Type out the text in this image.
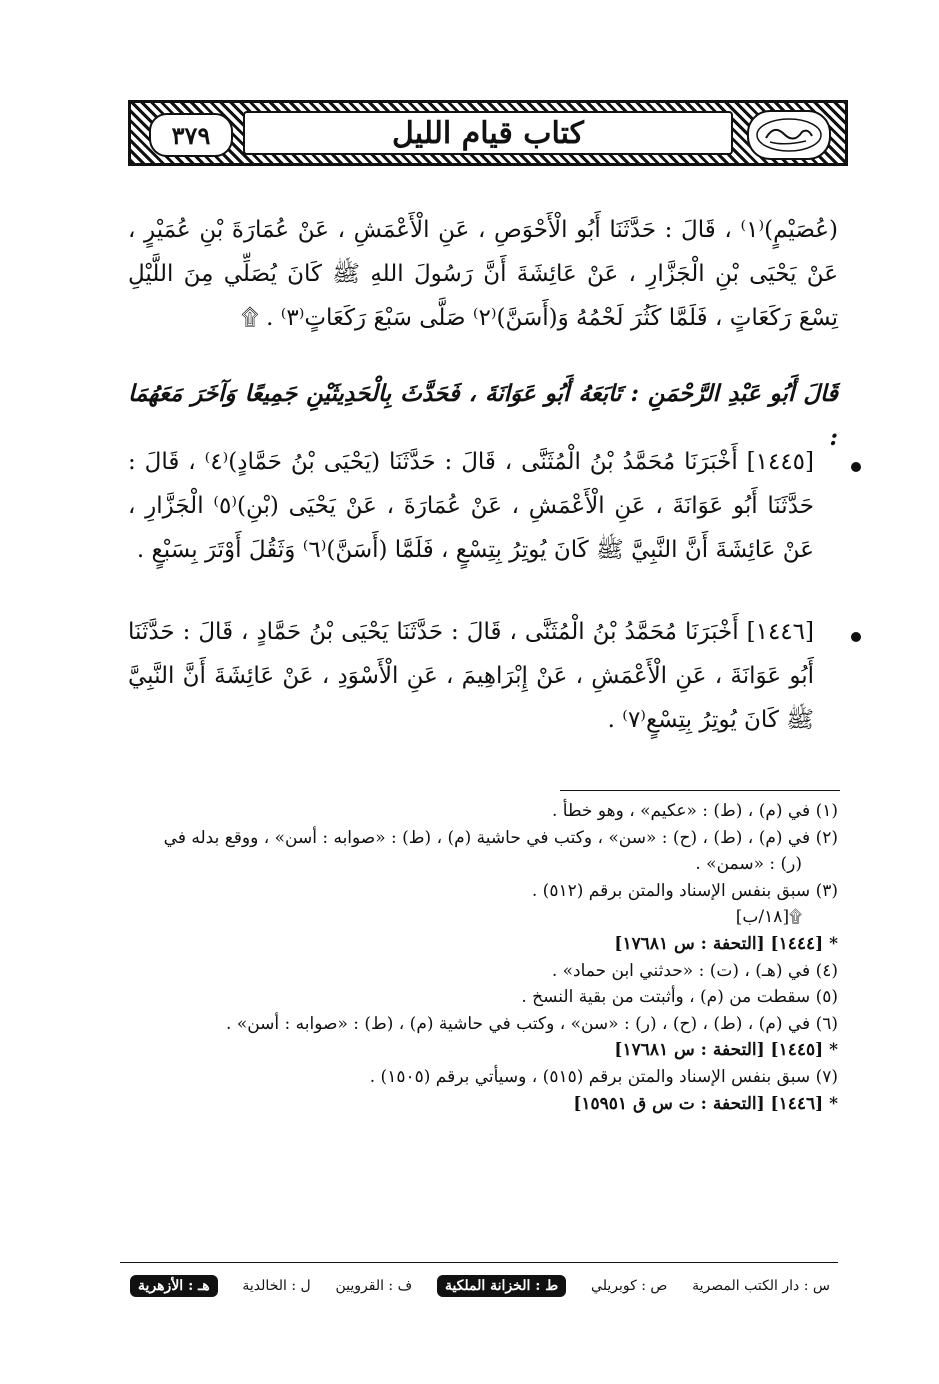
٣٧٩	كتاب قيام الليل

(عُصَيْمٍ)⁽١⁾ ، قَالَ : حَدَّثَنَا أَبُو الْأَحْوَصِ ، عَنِ الْأَعْمَشِ ، عَنْ عُمَارَةَ بْنِ عُمَيْرٍ ، عَنْ يَحْيَى بْنِ الْجَزَّارِ ، عَنْ عَائِشَةَ أَنَّ رَسُولَ اللهِ ﷺ كَانَ يُصَلِّي مِنَ اللَّيْلِ تِسْعَ رَكَعَاتٍ ، فَلَمَّا كَثُرَ لَحْمُهُ وَ(أَسَنَّ)⁽٢⁾ صَلَّى سَبْعَ رَكَعَاتٍ⁽٣⁾ . ۩

قَالَ أَبُو عَبْدِ الرَّحْمَنِ : تَابَعَهُ أَبُو عَوَانَةَ ، فَحَدَّثَ بِالْحَدِيثَيْنِ جَمِيعًا وَآخَرَ مَعَهُمَا :

[١٤٤٥] أَخْبَرَنَا مُحَمَّدُ بْنُ الْمُثَنَّى ، قَالَ : حَدَّثَنَا (يَحْيَى بْنُ حَمَّادٍ)⁽٤⁾ ، قَالَ : حَدَّثَنَا أَبُو عَوَانَةَ ، عَنِ الْأَعْمَشِ ، عَنْ عُمَارَةَ ، عَنْ يَحْيَى (بْنِ)⁽٥⁾ الْجَزَّارِ ، عَنْ عَائِشَةَ أَنَّ النَّبِيَّ ﷺ كَانَ يُوتِرُ بِتِسْعٍ ، فَلَمَّا (أَسَنَّ)⁽٦⁾ وَثَقُلَ أَوْتَرَ بِسَبْعٍ .

[١٤٤٦] أَخْبَرَنَا مُحَمَّدُ بْنُ الْمُثَنَّى ، قَالَ : حَدَّثَنَا يَحْيَى بْنُ حَمَّادٍ ، قَالَ : حَدَّثَنَا أَبُو عَوَانَةَ ، عَنِ الْأَعْمَشِ ، عَنْ إِبْرَاهِيمَ ، عَنِ الْأَسْوَدِ ، عَنْ عَائِشَةَ أَنَّ النَّبِيَّ ﷺ كَانَ يُوتِرُ بِتِسْعٍ⁽٧⁾ .

(١) في (م) ، (ط) : «عكيم» ، وهو خطأ .

(٢) في (م) ، (ط) ، (ح) : «سن» ، وكتب في حاشية (م) ، (ط) : «صوابه : أسن» ، ووقع بدله في

(ر) : «سمن» .

(٣) سبق بنفس الإسناد والمتن برقم (٥١٢) .

۩[١٨/ب]

* [١٤٤٤] [التحفة : س ١٧٦٨١]

(٤) في (هـ) ، (ت) : «حدثني ابن حماد» .

(٥) سقطت من (م) ، وأثبتت من بقية النسخ .

(٦) في (م) ، (ط) ، (ح) ، (ر) : «سن» ، وكتب في حاشية (م) ، (ط) : «صوابه : أسن» .

* [١٤٤٥] [التحفة : س ١٧٦٨١]

(٧) سبق بنفس الإسناد والمتن برقم (٥١٥) ، وسيأتي برقم (١٥٠٥) .

* [١٤٤٦] [التحفة : ت س ق ١٥٩٥١]

س : دار الكتب المصرية
ص : كوبريلي
ط : الخزانة الملكية
ف : القرويين
ل : الخالدية
هـ : الأزهرية
